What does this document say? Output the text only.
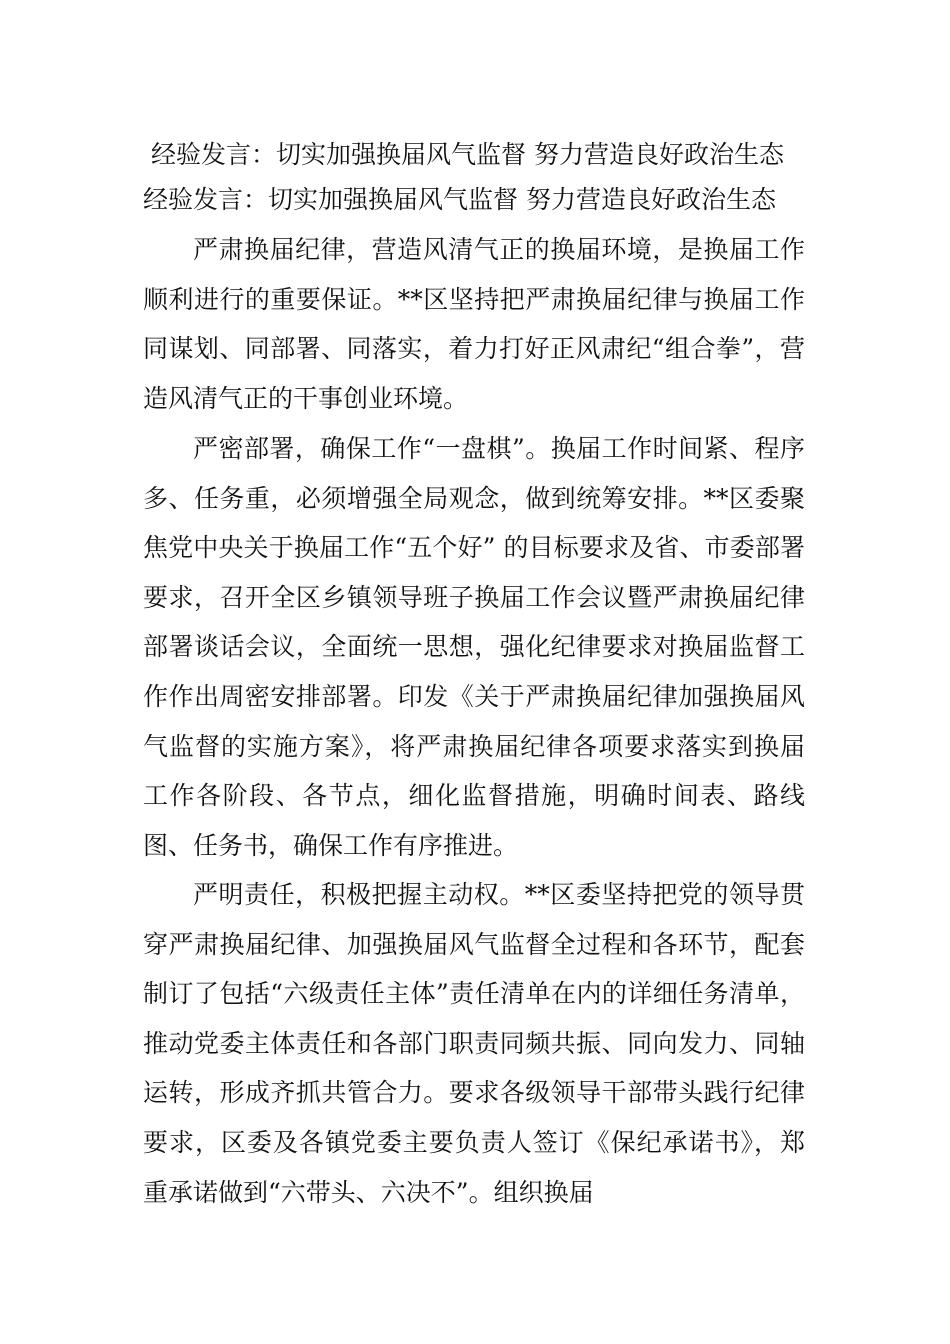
经验发言：切实加强换届风气监督 努力营造良好政治生态
经验发言：切实加强换届风气监督 努力营造良好政治生态

严肃换届纪律，营造风清气正的换届环境，是换届工作顺利进行的重要保证。**区坚持把严肃换届纪律与换届工作同谋划、同部署、同落实，着力打好正风肃纪“组合拳”，营造风清气正的干事创业环境。

严密部署，确保工作“一盘棋”。换届工作时间紧、程序多、任务重，必须增强全局观念，做到统筹安排。**区委聚焦党中央关于换届工作“五个好” 的目标要求及省、市委部署要求，召开全区乡镇领导班子换届工作会议暨严肃换届纪律部署谈话会议，全面统一思想，强化纪律要求对换届监督工作作出周密安排部署。印发《关于严肃换届纪律加强换届风气监督的实施方案》，将严肃换届纪律各项要求落实到换届工作各阶段、各节点，细化监督措施，明确时间表、路线图、任务书，确保工作有序推进。

严明责任，积极把握主动权。**区委坚持把党的领导贯穿严肃换届纪律、加强换届风气监督全过程和各环节，配套制订了包括“六级责任主体”责任清单在内的详细任务清单，推动党委主体责任和各部门职责同频共振、同向发力、同轴运转，形成齐抓共管合力。要求各级领导干部带头践行纪律要求，区委及各镇党委主要负责人签订《保纪承诺书》，郑重承诺做到“六带头、六决不”。组织换届
